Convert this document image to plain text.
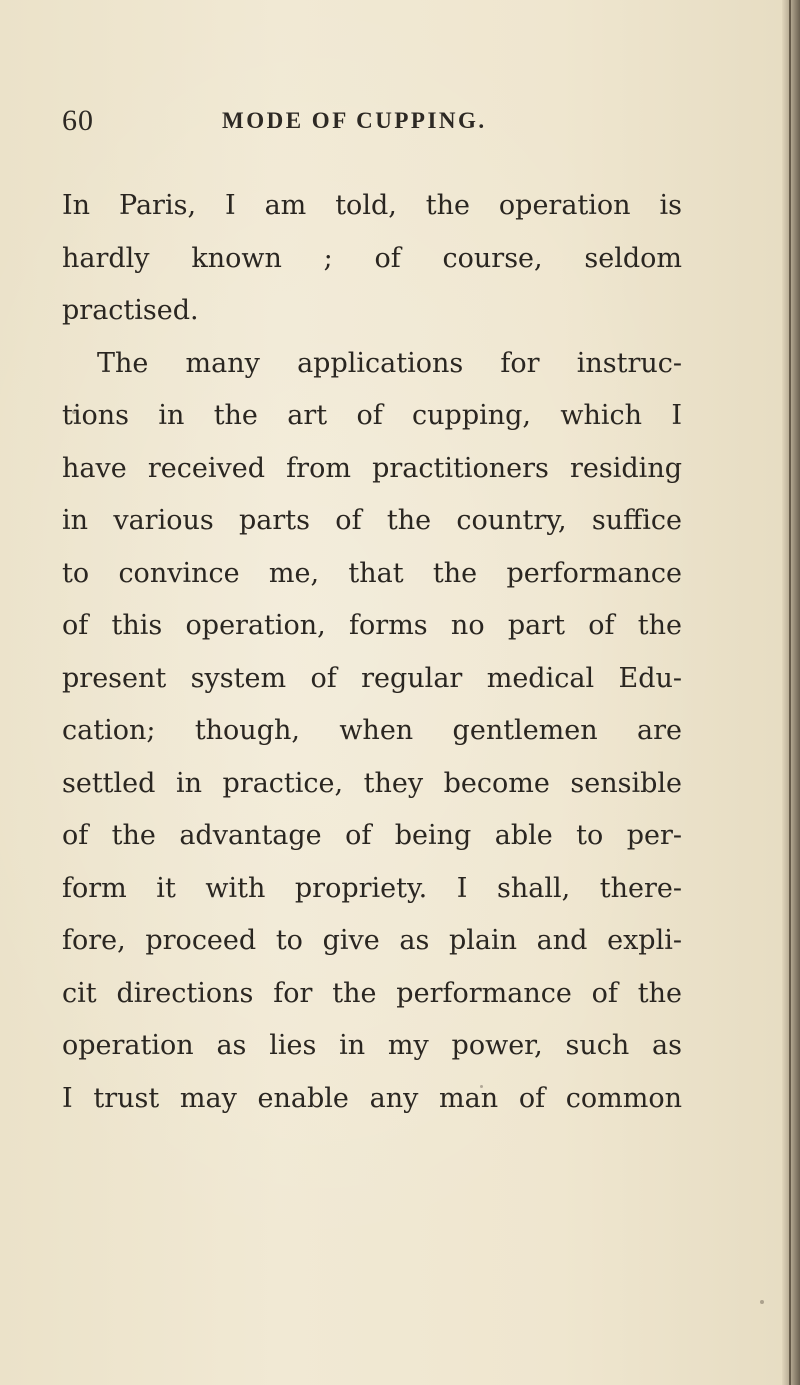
60	MODE OF CUPPING.
In Paris, I am told, the operation is
hardly known ; of course, seldom
practised.
The many applications for instruc-
tions in the art of cupping, which I
have received from practitioners residing
in various parts of the country, suffice
to convince me, that the performance
of this operation, forms no part of the
present system of regular medical Edu-
cation; though, when gentlemen are
settled in practice, they become sensible
of the advantage of being able to per-
form it with propriety. I shall, there-
fore, proceed to give as plain and expli-
cit directions for the performance of the
operation as lies in my power, such as
I trust may enable any man of common
